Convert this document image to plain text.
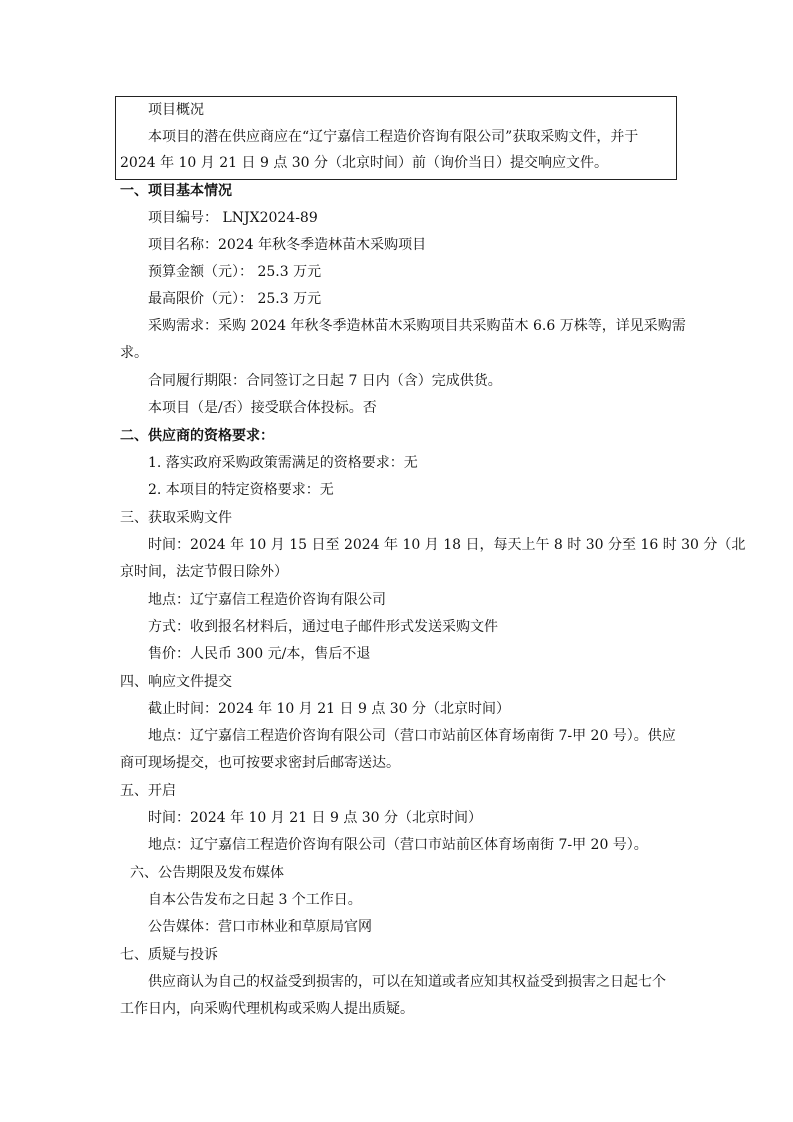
项目概况
本项目的潜在供应商应在“辽宁嘉信工程造价咨询有限公司”获取采购文件，并于
2024 年 10 月 21 日 9 点 30 分（北京时间）前（询价当日）提交响应文件。
一、项目基本情况
项目编号： LNJX2024-89
项目名称：2024 年秋冬季造林苗木采购项目
预算金额（元）： 25.3 万元
最高限价（元）： 25.3 万元
采购需求：采购 2024 年秋冬季造林苗木采购项目共采购苗木 6.6 万株等，详见采购需
求。
合同履行期限：合同签订之日起 7 日内（含）完成供货。
本项目（是/否）接受联合体投标。否
二、供应商的资格要求：
1. 落实政府采购政策需满足的资格要求：无
2. 本项目的特定资格要求：无
三、获取采购文件
时间：2024 年 10 月 15 日至 2024 年 10 月 18 日，每天上午 8 时 30 分至 16 时 30 分（北
京时间，法定节假日除外）
地点：辽宁嘉信工程造价咨询有限公司
方式：收到报名材料后，通过电子邮件形式发送采购文件
售价：人民币 300 元/本，售后不退
四、响应文件提交
截止时间：2024 年 10 月 21 日 9 点 30 分（北京时间）
地点：辽宁嘉信工程造价咨询有限公司（营口市站前区体育场南街 7-甲 20 号）。供应
商可现场提交，也可按要求密封后邮寄送达。
五、开启
时间：2024 年 10 月 21 日 9 点 30 分（北京时间）
地点：辽宁嘉信工程造价咨询有限公司（营口市站前区体育场南街 7-甲 20 号）。
六、公告期限及发布媒体
自本公告发布之日起 3 个工作日。
公告媒体：营口市林业和草原局官网
七、质疑与投诉
供应商认为自己的权益受到损害的，可以在知道或者应知其权益受到损害之日起七个
工作日内，向采购代理机构或采购人提出质疑。
